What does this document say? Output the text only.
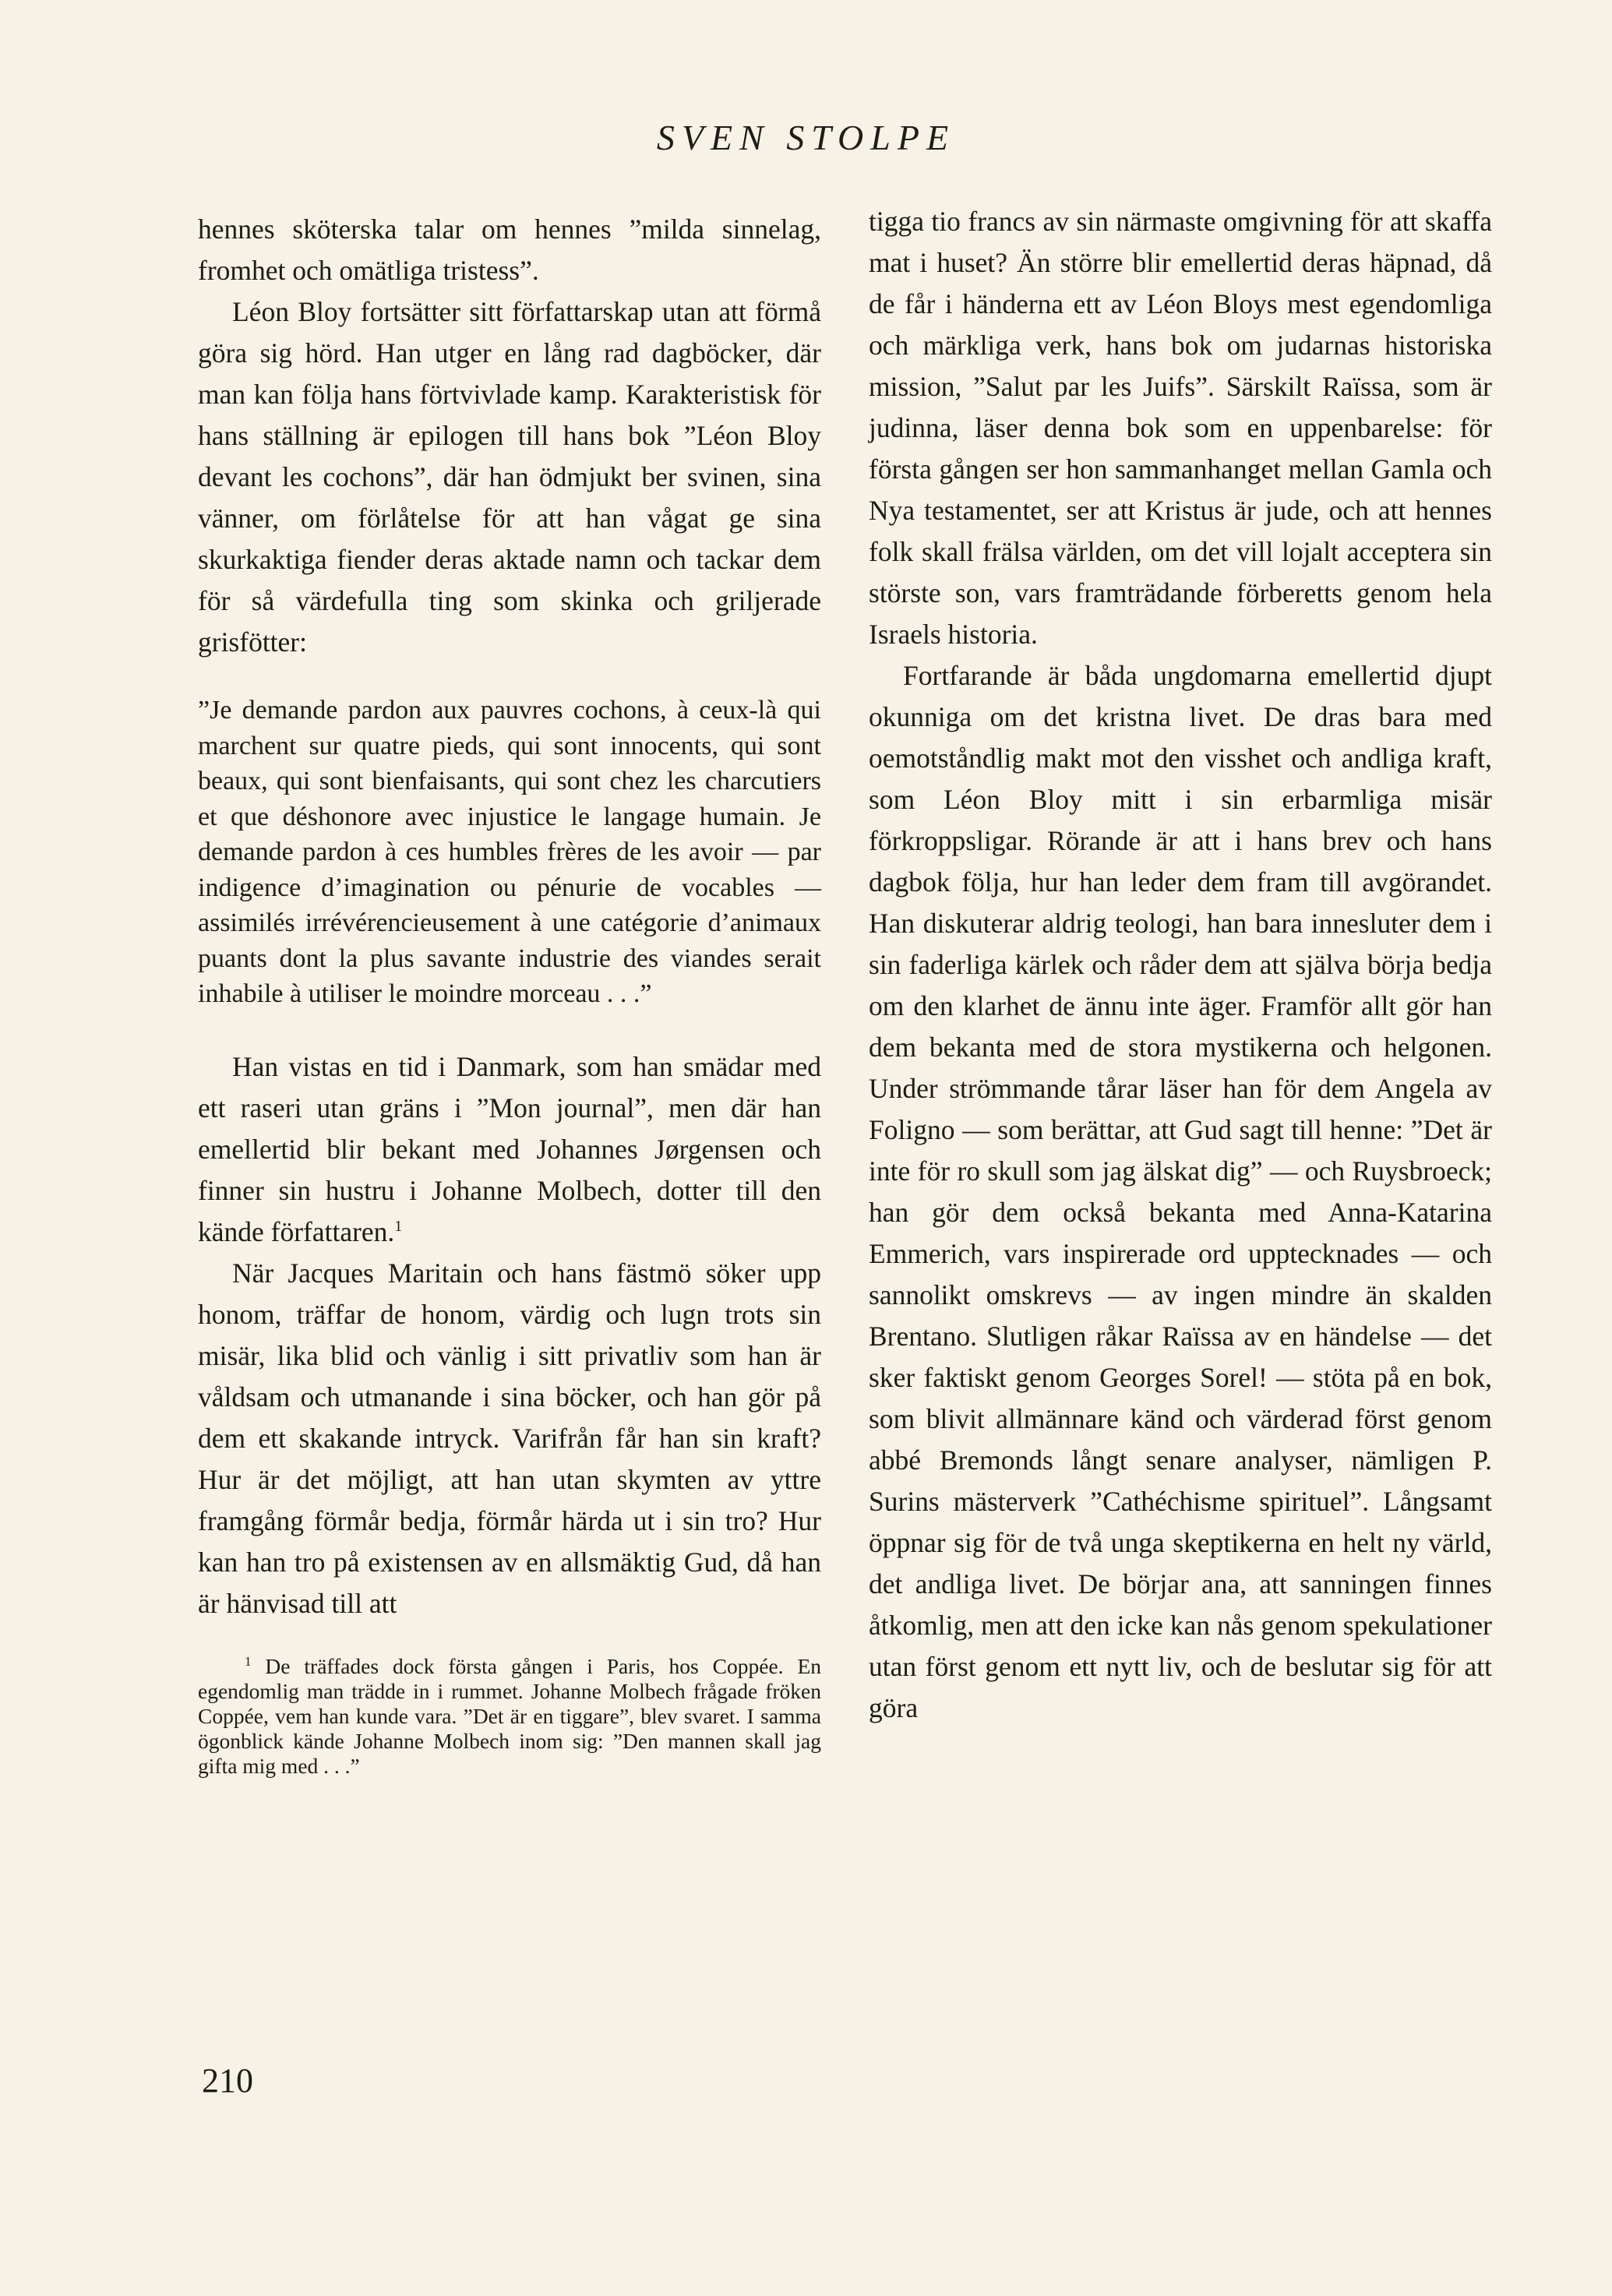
SVEN STOLPE

hennes sköterska talar om hennes ”milda sinnelag, fromhet och omätliga tristess”.

Léon Bloy fortsätter sitt författarskap utan att förmå göra sig hörd. Han utger en lång rad dagböcker, där man kan följa hans förtvivlade kamp. Karakteristisk för hans ställning är epilogen till hans bok ”Léon Bloy devant les cochons”, där han ödmjukt ber svinen, sina vänner, om förlåtelse för att han vågat ge sina skurkaktiga fiender deras aktade namn och tackar dem för så värdefulla ting som skinka och griljerade grisfötter:

”Je demande pardon aux pauvres cochons, à ceux-là qui marchent sur quatre pieds, qui sont innocents, qui sont beaux, qui sont bienfaisants, qui sont chez les charcutiers et que déshonore avec injustice le langage humain. Je demande pardon à ces humbles frères de les avoir — par indigence d’imagination ou pénurie de vocables — assimilés irrévérencieusement à une catégorie d’animaux puants dont la plus savante industrie des viandes serait inhabile à utiliser le moindre morceau . . .”

Han vistas en tid i Danmark, som han smädar med ett raseri utan gräns i ”Mon journal”, men där han emellertid blir bekant med Johannes Jørgensen och finner sin hustru i Johanne Molbech, dotter till den kände författaren.$^1$

När Jacques Maritain och hans fästmö söker upp honom, träffar de honom, värdig och lugn trots sin misär, lika blid och vänlig i sitt privatliv som han är våldsam och utmanande i sina böcker, och han gör på dem ett skakande intryck. Varifrån får han sin kraft? Hur är det möjligt, att han utan skymten av yttre framgång förmår bedja, förmår härda ut i sin tro? Hur kan han tro på existensen av en allsmäktig Gud, då han är hänvisad till att

$^1$ De träffades dock första gången i Paris, hos Coppée. En egendomlig man trädde in i rummet. Johanne Molbech frågade fröken Coppée, vem han kunde vara. ”Det är en tiggare”, blev svaret. I samma ögonblick kände Johanne Molbech inom sig: ”Den mannen skall jag gifta mig med . . .”

tigga tio francs av sin närmaste omgivning för att skaffa mat i huset? Än större blir emellertid deras häpnad, då de får i händerna ett av Léon Bloys mest egendomliga och märkliga verk, hans bok om judarnas historiska mission, ”Salut par les Juifs”. Särskilt Raïssa, som är judinna, läser denna bok som en uppenbarelse: för första gången ser hon sammanhanget mellan Gamla och Nya testamentet, ser att Kristus är jude, och att hennes folk skall frälsa världen, om det vill lojalt acceptera sin störste son, vars framträdande förberetts genom hela Israels historia.

Fortfarande är båda ungdomarna emellertid djupt okunniga om det kristna livet. De dras bara med oemotståndlig makt mot den visshet och andliga kraft, som Léon Bloy mitt i sin erbarmliga misär förkroppsligar. Rörande är att i hans brev och hans dagbok följa, hur han leder dem fram till avgörandet. Han diskuterar aldrig teologi, han bara innesluter dem i sin faderliga kärlek och råder dem att själva börja bedja om den klarhet de ännu inte äger. Framför allt gör han dem bekanta med de stora mystikerna och helgonen. Under strömmande tårar läser han för dem Angela av Foligno — som berättar, att Gud sagt till henne: ”Det är inte för ro skull som jag älskat dig” — och Ruysbroeck; han gör dem också bekanta med Anna-Katarina Emmerich, vars inspirerade ord upptecknades — och sannolikt omskrevs — av ingen mindre än skalden Brentano. Slutligen råkar Raïssa av en händelse — det sker faktiskt genom Georges Sorel! — stöta på en bok, som blivit allmännare känd och värderad först genom abbé Bremonds långt senare analyser, nämligen P. Surins mästerverk ”Cathéchisme spirituel”. Långsamt öppnar sig för de två unga skeptikerna en helt ny värld, det andliga livet. De börjar ana, att sanningen finnes åtkomlig, men att den icke kan nås genom spekulationer utan först genom ett nytt liv, och de beslutar sig för att göra

210
